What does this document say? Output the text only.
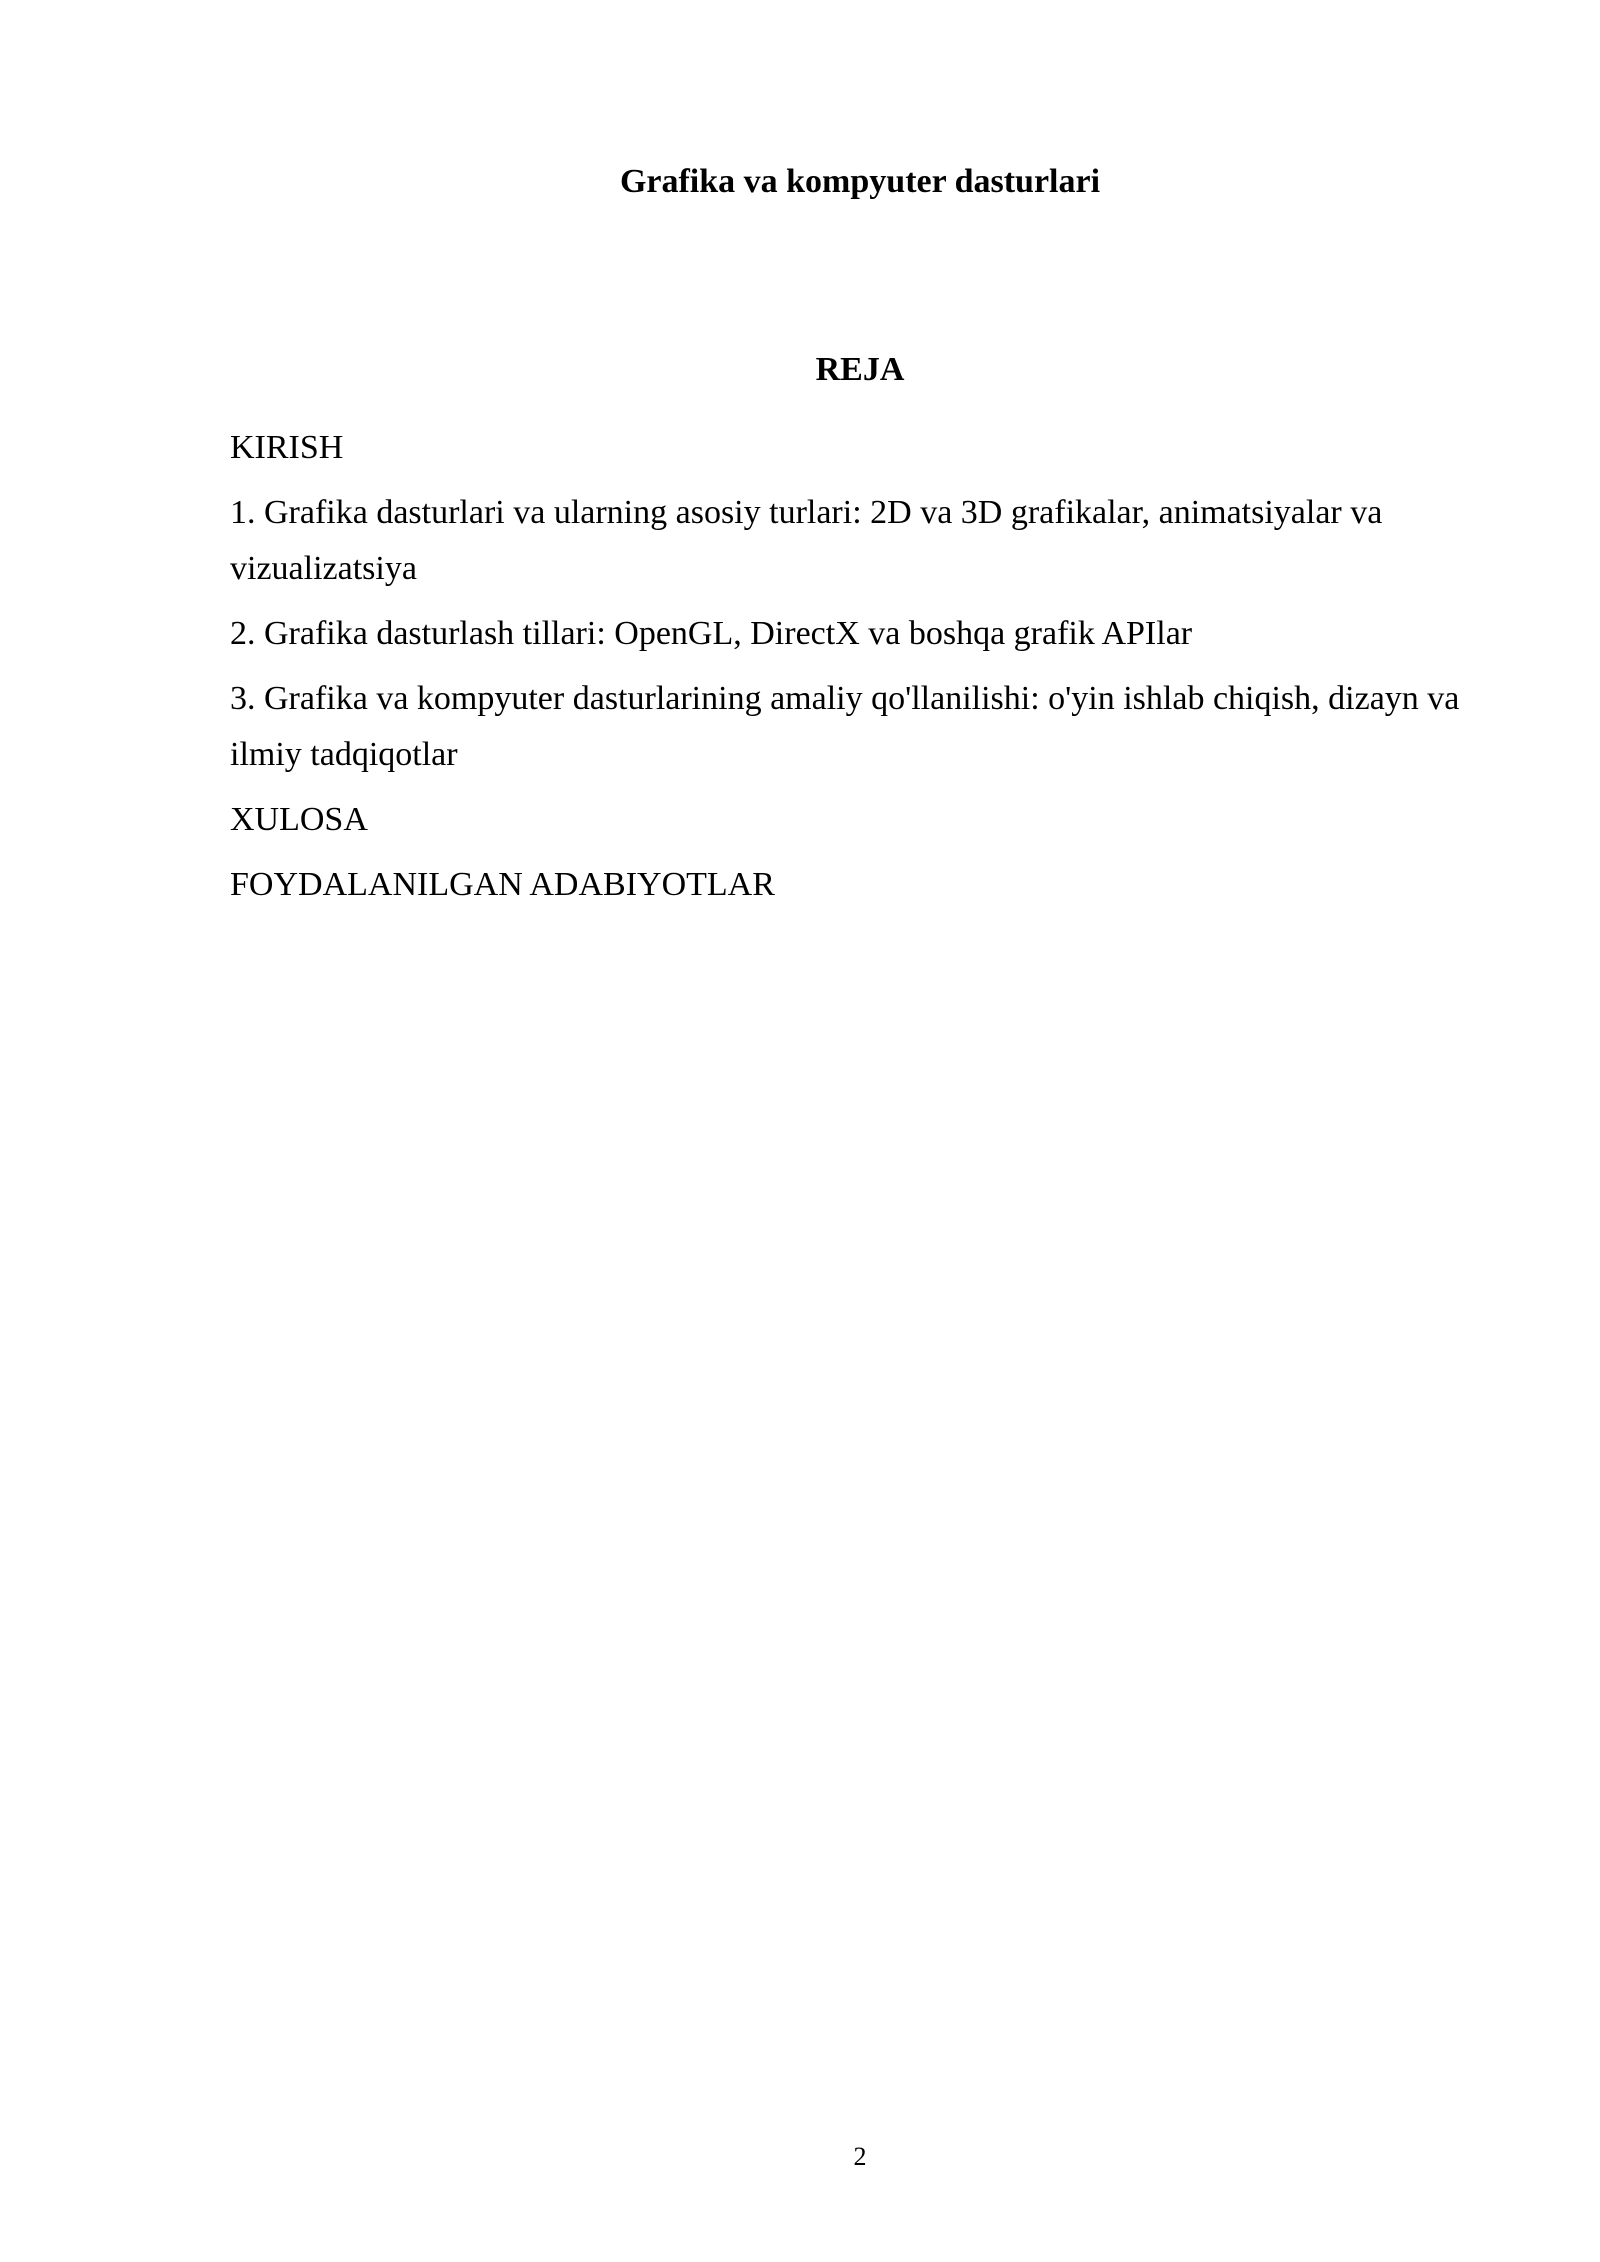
Grafika va kompyuter dasturlari
REJA

KIRISH

1. Grafika dasturlari va ularning asosiy turlari: 2D va 3D grafikalar, animatsiyalar va vizualizatsiya

2. Grafika dasturlash tillari: OpenGL, DirectX va boshqa grafik APIlar

3. Grafika va kompyuter dasturlarining amaliy qo'llanilishi: o'yin ishlab chiqish, dizayn va ilmiy tadqiqotlar

XULOSA

FOYDALANILGAN ADABIYOTLAR

2
